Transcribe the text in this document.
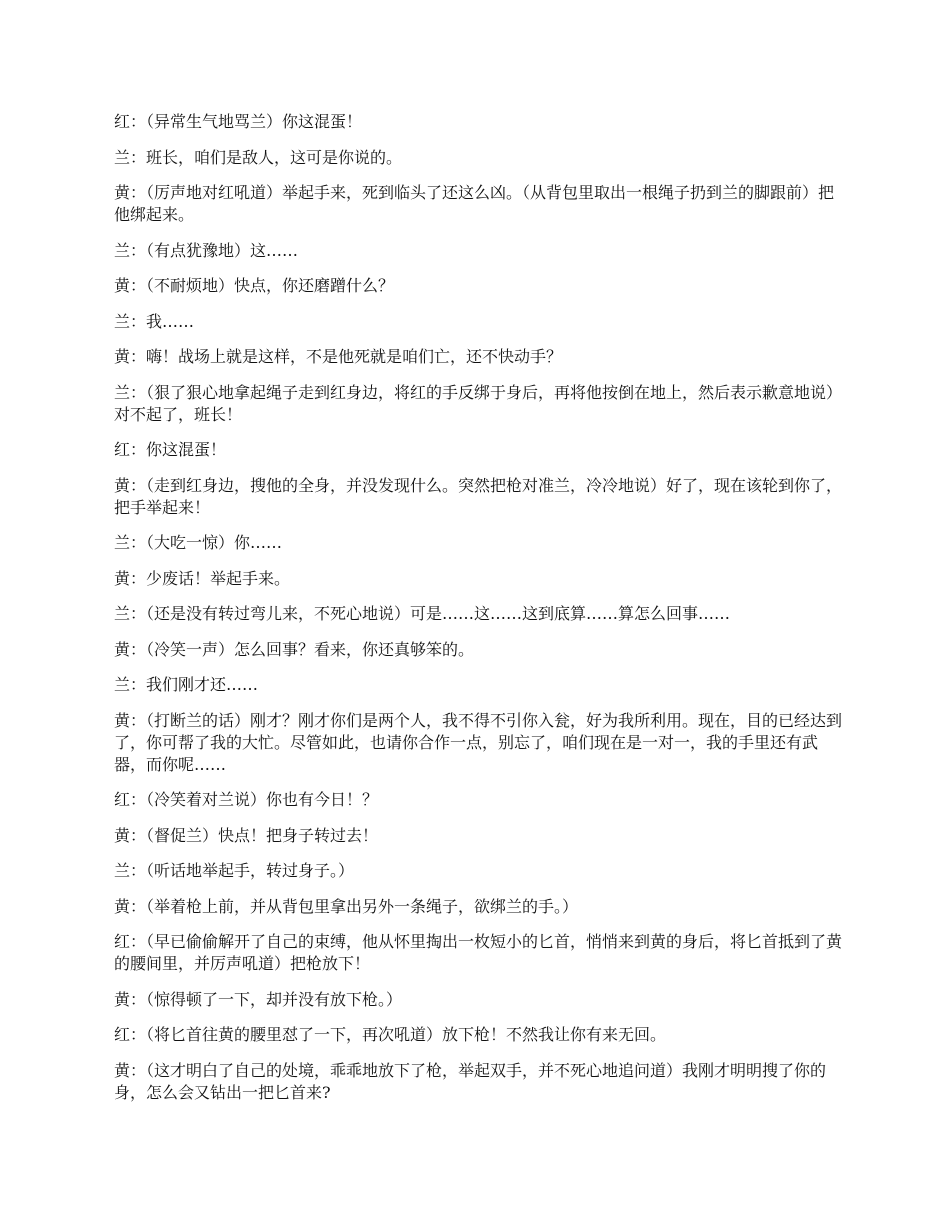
红：（异常生气地骂兰）你这混蛋！

兰：班长，咱们是敌人，这可是你说的。

黄：（厉声地对红吼道）举起手来，死到临头了还这么凶。（从背包里取出一根绳子扔到兰的脚跟前）把他绑起来。

兰：（有点犹豫地）这……

黄：（不耐烦地）快点，你还磨蹭什么？

兰：我……

黄：嗨！战场上就是这样，不是他死就是咱们亡，还不快动手？

兰：（狠了狠心地拿起绳子走到红身边，将红的手反绑于身后，再将他按倒在地上，然后表示歉意地说）对不起了，班长！

红：你这混蛋！

黄：（走到红身边，搜他的全身，并没发现什么。突然把枪对准兰，冷冷地说）好了，现在该轮到你了，把手举起来！

兰：（大吃一惊）你……

黄：少废话！举起手来。

兰：（还是没有转过弯儿来，不死心地说）可是……这……这到底算……算怎么回事……

黄：（冷笑一声）怎么回事？看来，你还真够笨的。

兰：我们刚才还……

黄：（打断兰的话）刚才？刚才你们是两个人，我不得不引你入瓮，好为我所利用。现在，目的已经达到了，你可帮了我的大忙。尽管如此，也请你合作一点，别忘了，咱们现在是一对一，我的手里还有武器，而你呢……

红：（冷笑着对兰说）你也有今日！？

黄：（督促兰）快点！把身子转过去！

兰：（听话地举起手，转过身子。）

黄：（举着枪上前，并从背包里拿出另外一条绳子，欲绑兰的手。）

红：（早已偷偷解开了自己的束缚，他从怀里掏出一枚短小的匕首，悄悄来到黄的身后，将匕首抵到了黄的腰间里，并厉声吼道）把枪放下！

黄：（惊得顿了一下，却并没有放下枪。）

红：（将匕首往黄的腰里怼了一下，再次吼道）放下枪！不然我让你有来无回。

黄：（这才明白了自己的处境，乖乖地放下了枪，举起双手，并不死心地追问道）我刚才明明搜了你的身，怎么会又钻出一把匕首来?
